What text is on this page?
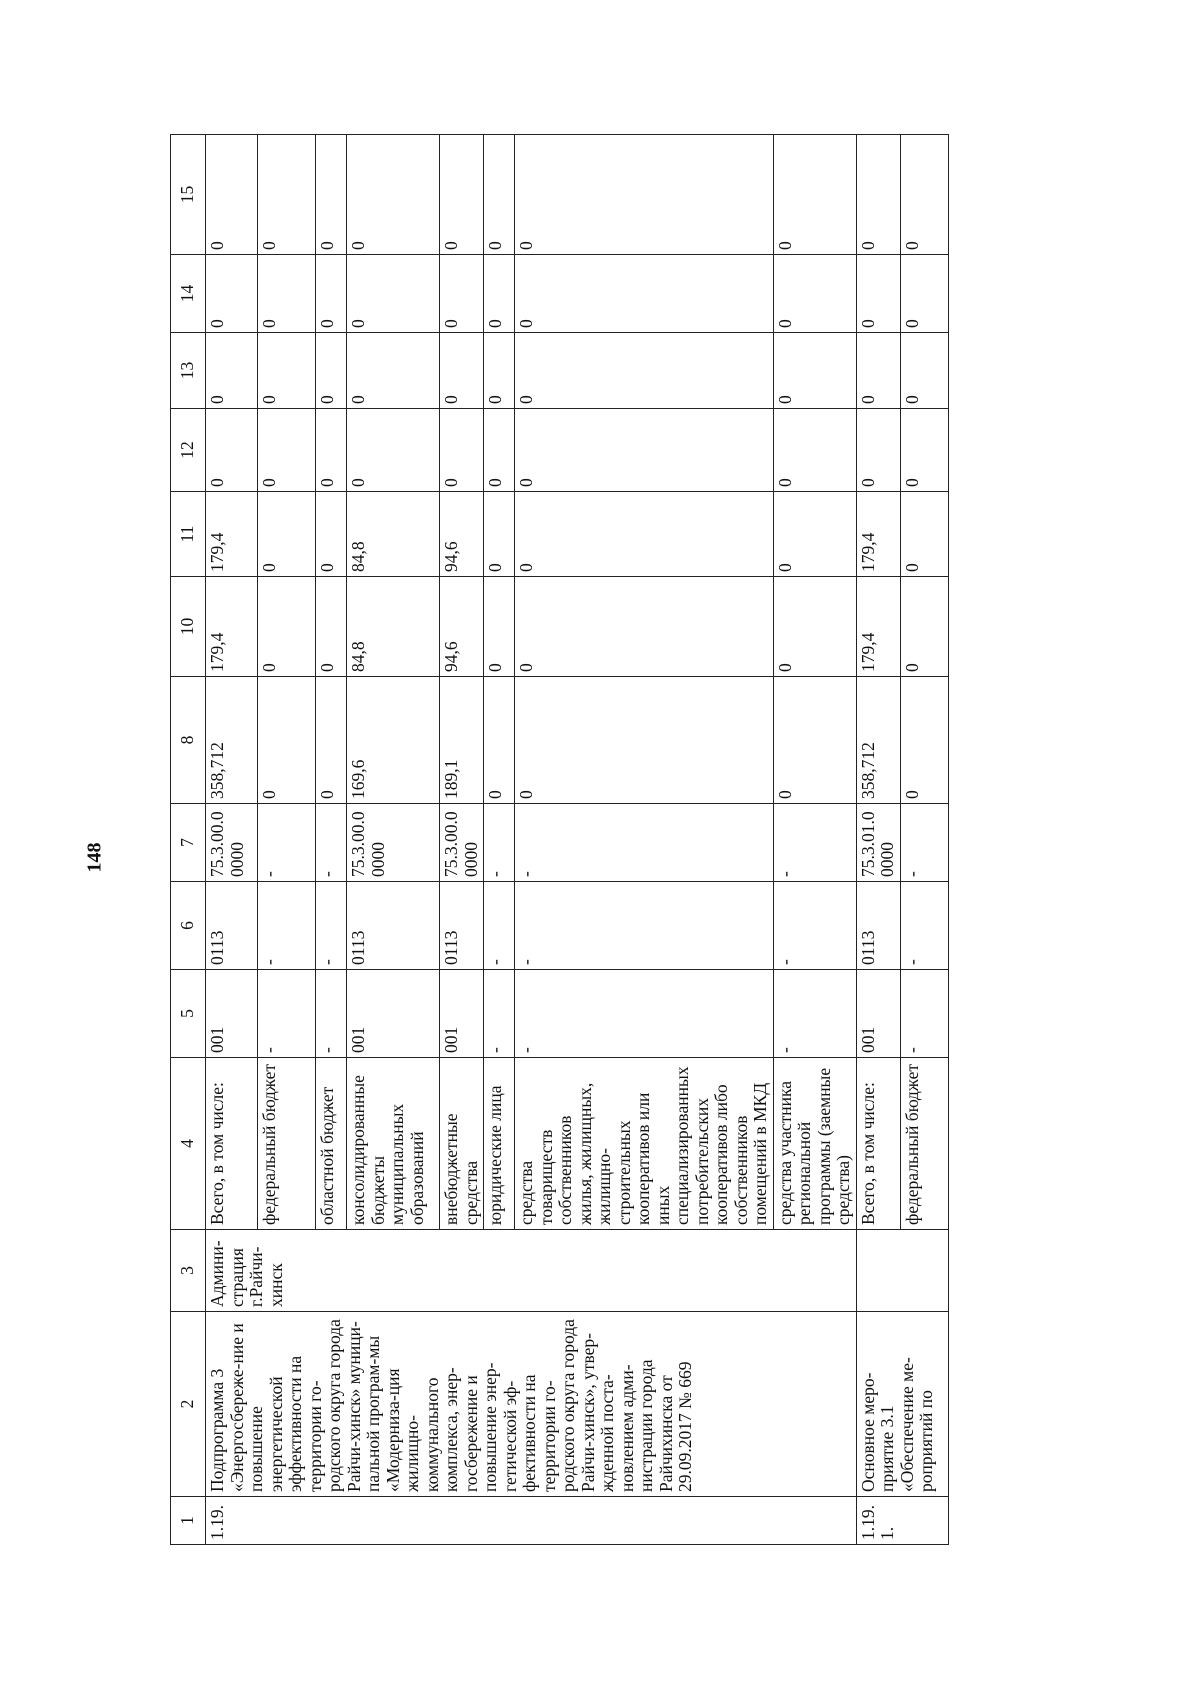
148
1	2	3	4	5	6	7	8	10	11	12	13	14	15
1.19.	Подпрограмма 3 «Энергосбереже-ние и повышение энергетической эффективности на территории го-родского округа города Райчи-хинск» муници-пальной програм-мы «Модерниза-ция жилищно-коммунального комплекса, энер-госбережение и повышение энер-гетической эф-фективности на территории го-родского округа города Райчи-хинск», утвер-жденной поста-новлением адми-нистрации города Райчихинска от 29.09.2017 № 669	Админи-страция г.Райчи-хинск	Всего, в том числе:	001	0113	75.3.00.00000	358,712	179,4	179,4	0	0	0	0
			федеральный бюджет	-	-	-	0	0	0	0	0	0	0
			областной бюджет	-	-	-	0	0	0	0	0	0	0
			консолидированные бюджеты муниципальных образований	001	0113	75.3.00.00000	169,6	84,8	84,8	0	0	0	0
			внебюджетные средства	001	0113	75.3.00.00000	189,1	94,6	94,6	0	0	0	0
			юридические лица	-	-	-	0	0	0	0	0	0	0
			средства товариществ собственников жилья, жилищных, жилищно-строительных кооперативов или иных специализированных потребительских кооперативов либо собственников помещений в МКД	-	-	-	0	0	0	0	0	0	0
			средства участника региональной программы (заемные средства)	-	-	-	0	0	0	0	0	0	0
1.19.1.	Основное меро-приятие 3.1 «Обеспечение ме-роприятий по		Всего, в том числе:	001	0113	75.3.01.00000	358,712	179,4	179,4	0	0	0	0
			федеральный бюджет	-	-	-	0	0	0	0	0	0	0
